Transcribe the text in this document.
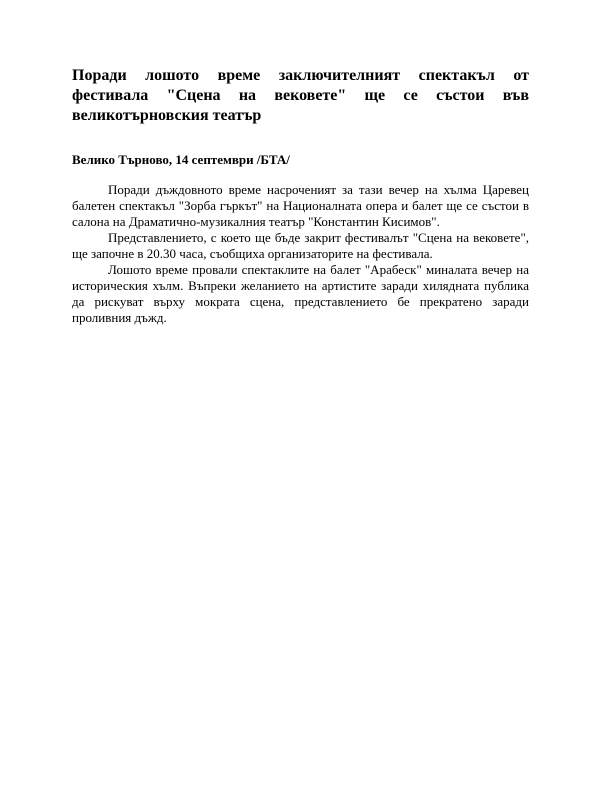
Поради лошото време заключителният спектакъл от фестивала "Сцена на вековете" ще се състои във великотърновския театър

Велико Търново, 14 септември /БТА/

Поради дъждовното време насроченият за тази вечер на хълма Царевец балетен спектакъл "Зорба гъркът" на Националната опера и балет ще се състои в салона на Драматично-музикалния театър "Константин Кисимов".

Представлението, с което ще бъде закрит фестивалът "Сцена на вековете", ще започне в 20.30 часа, съобщиха организаторите на фестивала.

Лошото време провали спектаклите на балет "Арабеск" миналата вечер на историческия хълм. Въпреки желанието на артистите заради хилядната публика да рискуват върху мократа сцена, представлението бе прекратено заради проливния дъжд.
